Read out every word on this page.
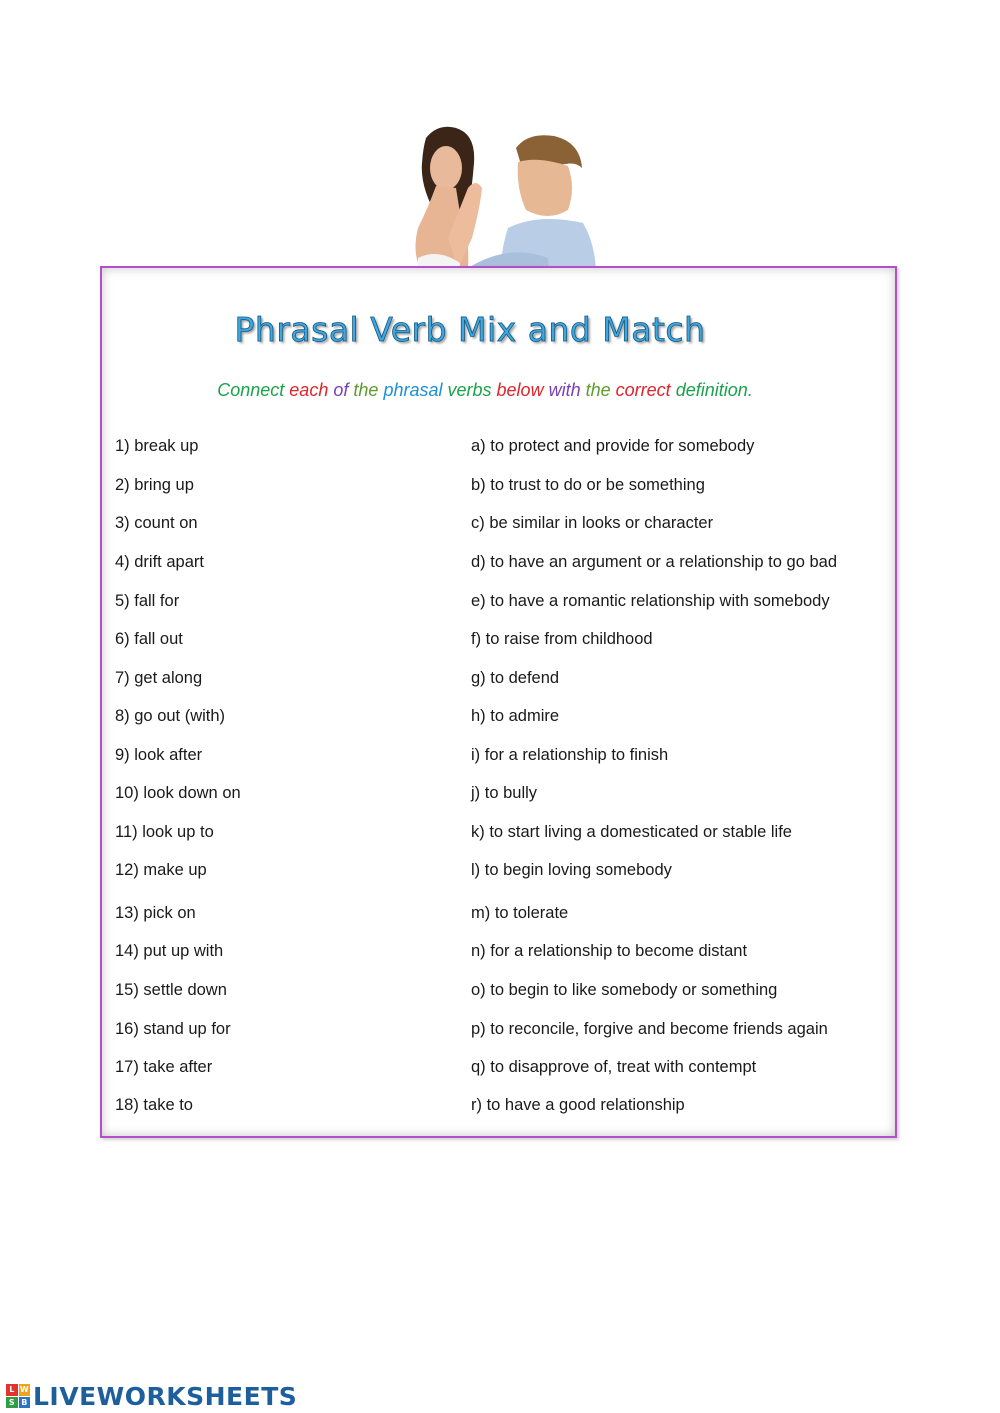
Phrasal Verb Mix and Match
Connect each of the phrasal verbs below with the correct definition.
1) break up	a) to protect and provide for somebody
2) bring up	b) to trust to do or be something
3) count on	c) be similar in looks or character
4) drift apart	d) to have an argument or a relationship to go bad
5) fall for	e) to have a romantic relationship with somebody
6) fall out	f) to raise from childhood
7) get along	g) to defend
8) go out (with)	h) to admire
9) look after	i) for a relationship to finish
10) look down on	j) to bully
11) look up to	k) to start living a domesticated or stable life
12) make up	l) to begin loving somebody
13) pick on	m) to tolerate
14) put up with	n) for a relationship to become distant
15) settle down	o) to begin to like somebody or something
16) stand up for	p) to reconcile, forgive and become friends again
17) take after	q) to disapprove of, treat with contempt
18) take to	r) to have a good relationship
L W
S B LIVEWORKSHEETS
